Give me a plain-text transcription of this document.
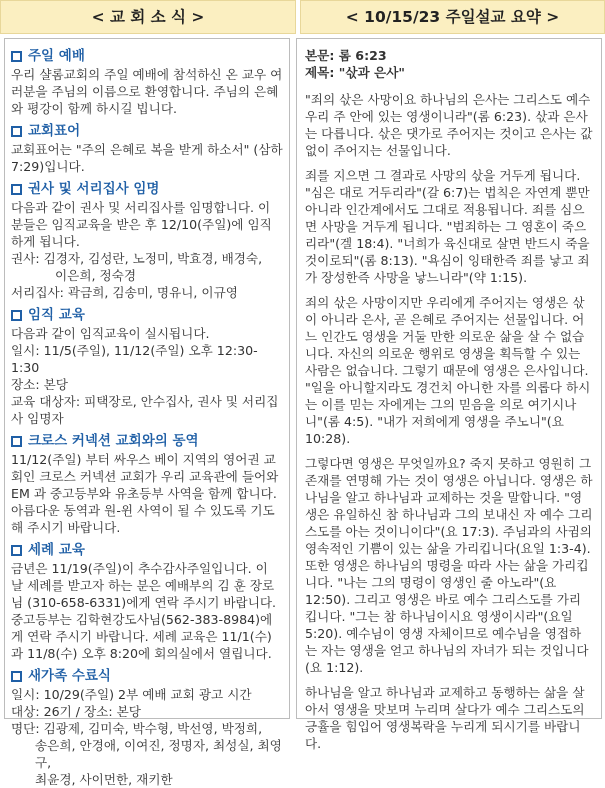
< 교 회 소 식 >	< 10/15/23 주일설교 요약 >
주일 예배

우리 샬롬교회의 주일 예배에 참석하신 온 교우 여러분을 주님의 이름으로 환영합니다. 주님의 은혜와 평강이 함께 하시길 빕니다.

교회표어

교회표어는 "주의 은혜로 복을 받게 하소서" (삼하 7:29)입니다.

권사 및 서리집사 임명

다음과 같이 권사 및 서리집사를 임명합니다. 이 분들은 임직교육을 받은 후 12/10(주일)에 임직하게 됩니다.

권사: 김경자, 김성란, 노정미, 박효경, 배경숙,

이은희, 정숙경

서리집사: 곽금희, 김송미, 명유니, 이규영

임직 교육

다음과 같이 임직교육이 실시됩니다.

일시: 11/5(주일), 11/12(주일) 오후 12:30-1:30

장소: 본당

교육 대상자: 피택장로, 안수집사, 권사 및 서리집사 임명자

크로스 커넥션 교회와의 동역

11/12(주일) 부터 싸우스 베이 지역의 영어권 교회인 크로스 커넥션 교회가 우리 교육관에 들어와 EM 과 중고등부와 유초등부 사역을 함께 합니다. 아름다운 동역과 원-윈 사역이 될 수 있도록 기도해 주시기 바랍니다.

세례 교육

금년은 11/19(주일)이 추수감사주일입니다. 이 날 세례를 받고자 하는 분은 예배부의 김 훈 장로님 (310-658-6331)에게 연락 주시기 바랍니다.

중고등부는 김학현강도사님(562-383-8984)에게 연락 주시기 바랍니다. 세례 교육은 11/1(수)과 11/8(수) 오후 8:20에 회의실에서 열립니다.

새가족 수료식

일시: 10/29(주일) 2부 예배 교회 광고 시간

대상: 26기 / 장소: 본당

명단: 김광제, 김미숙, 박수형, 박선영, 박정희,

송은희, 안경애, 이여진, 정명자, 최성실, 최영구,

최윤경, 사이먼한, 재키한

본문: 롬 6:23

제목: "삯과 은사"

"죄의 삯은 사망이요 하나님의 은사는 그리스도 예수 우리 주 안에 있는 영생이니라"(롬 6:23). 삯과 은사는 다릅니다. 삯은 댓가로 주어지는 것이고 은사는 값없이 주어지는 선물입니다.

죄를 지으면 그 결과로 사망의 삯을 거두게 됩니다. "심은 대로 거두리라"(갈 6:7)는 법칙은 자연계 뿐만 아니라 인간계에서도 그대로 적용됩니다. 죄를 심으면 사망을 거두게 됩니다. "범죄하는 그 영혼이 죽으리라"(겔 18:4). "너희가 육신대로 살면 반드시 죽을 것이로되"(롬 8:13). "욕심이 잉태한즉 죄를 낳고 죄가 장성한즉 사망을 낳느니라"(약 1:15).

죄의 삯은 사망이지만 우리에게 주어지는 영생은 삯이 아니라 은사, 곧 은혜로 주어지는 선물입니다. 어느 인간도 영생을 거둘 만한 의로운 삶을 살 수 없습니다. 자신의 의로운 행위로 영생을 획득할 수 있는 사람은 없습니다. 그렇기 때문에 영생은 은사입니다. "일을 아니할지라도 경건치 아니한 자를 의롭다 하시는 이를 믿는 자에게는 그의 믿음을 의로 여기시나니"(롬 4:5). "내가 저희에게 영생을 주노니"(요 10:28).

그렇다면 영생은 무엇일까요? 죽지 못하고 영원히 그 존재를 연명해 가는 것이 영생은 아닙니다. 영생은 하나님을 알고 하나님과 교제하는 것을 말합니다. "영생은 유일하신 참 하나님과 그의 보내신 자 예수 그리스도를 아는 것이니이다"(요 17:3). 주님과의 사귐의 영속적인 기쁨이 있는 삶을 가리킵니다(요일 1:3-4). 또한 영생은 하나님의 명령을 따라 사는 삶을 가리킵니다. "나는 그의 명령이 영생인 줄 아노라"(요 12:50). 그리고 영생은 바로 예수 그리스도를 가리킵니다. "그는 참 하나님이시요 영생이시라"(요일 5:20). 예수님이 영생 자체이므로 예수님을 영접하는 자는 영생을 얻고 하나님의 자녀가 되는 것입니다(요 1:12).

하나님을 알고 하나님과 교제하고 동행하는 삶을 살아서 영생을 맛보며 누리며 살다가 예수 그리스도의 긍휼을 힘입어 영생복락을 누리게 되시기를 바랍니다.
